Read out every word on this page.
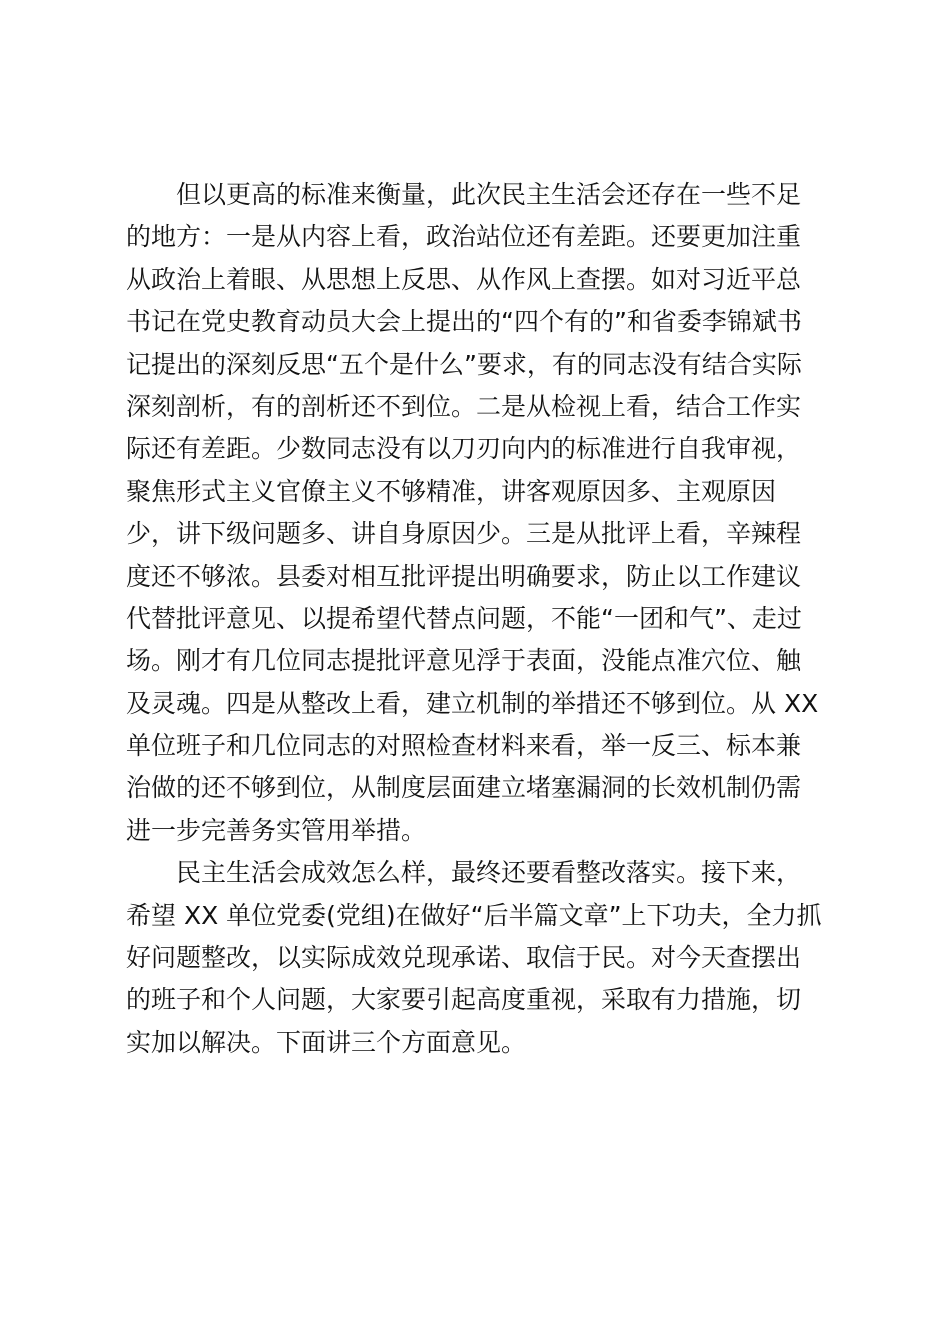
但以更高的标准来衡量，此次民主生活会还存在一些不足
的地方：一是从内容上看，政治站位还有差距。还要更加注重
从政治上着眼、从思想上反思、从作风上查摆。如对习近平总
书记在党史教育动员大会上提出的“四个有的”和省委李锦斌书
记提出的深刻反思“五个是什么”要求，有的同志没有结合实际
深刻剖析，有的剖析还不到位。二是从检视上看，结合工作实
际还有差距。少数同志没有以刀刃向内的标准进行自我审视，
聚焦形式主义官僚主义不够精准，讲客观原因多、主观原因
少，讲下级问题多、讲自身原因少。三是从批评上看，辛辣程
度还不够浓。县委对相互批评提出明确要求，防止以工作建议
代替批评意见、以提希望代替点问题，不能“一团和气”、走过
场。刚才有几位同志提批评意见浮于表面，没能点准穴位、触
及灵魂。四是从整改上看，建立机制的举措还不够到位。从 XX
单位班子和几位同志的对照检查材料来看，举一反三、标本兼
治做的还不够到位，从制度层面建立堵塞漏洞的长效机制仍需
进一步完善务实管用举措。
民主生活会成效怎么样，最终还要看整改落实。接下来，
希望 XX 单位党委(党组)在做好“后半篇文章”上下功夫，全力抓
好问题整改，以实际成效兑现承诺、取信于民。对今天查摆出
的班子和个人问题，大家要引起高度重视，采取有力措施，切
实加以解决。下面讲三个方面意见。
